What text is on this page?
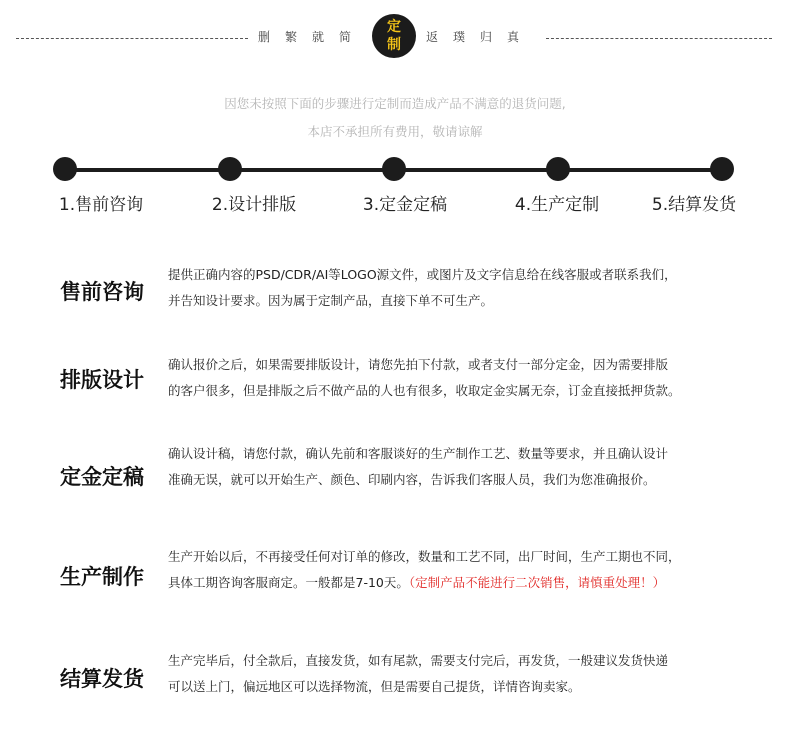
删 繁 就 简
定制 返 璞 归 真
因您未按照下面的步骤进行定制而造成产品不满意的退货问题,
本店不承担所有费用，敬请谅解
1.售前咨询	2.设计排版	3.定金定稿	4.生产定制	5.结算发货
售前咨询
提供正确内容的PSD/CDR/AI等LOGO源文件，或图片及文字信息给在线客服或者联系我们，
并告知设计要求。因为属于定制产品，直接下单不可生产。
排版设计
确认报价之后，如果需要排版设计，请您先拍下付款，或者支付一部分定金，因为需要排版
的客户很多，但是排版之后不做产品的人也有很多，收取定金实属无奈，订金直接抵押货款。
定金定稿
确认设计稿，请您付款，确认先前和客服谈好的生产制作工艺、数量等要求，并且确认设计
准确无误，就可以开始生产、颜色、印刷内容，告诉我们客服人员，我们为您准确报价。
生产制作
生产开始以后，不再接受任何对订单的修改，数量和工艺不同，出厂时间，生产工期也不同，
具体工期咨询客服商定。一般都是7-10天。（定制产品不能进行二次销售，请慎重处理！）
结算发货
生产完毕后，付全款后，直接发货，如有尾款，需要支付完后，再发货，一般建议发货快递
可以送上门，偏远地区可以选择物流，但是需要自己提货，详情咨询卖家。
